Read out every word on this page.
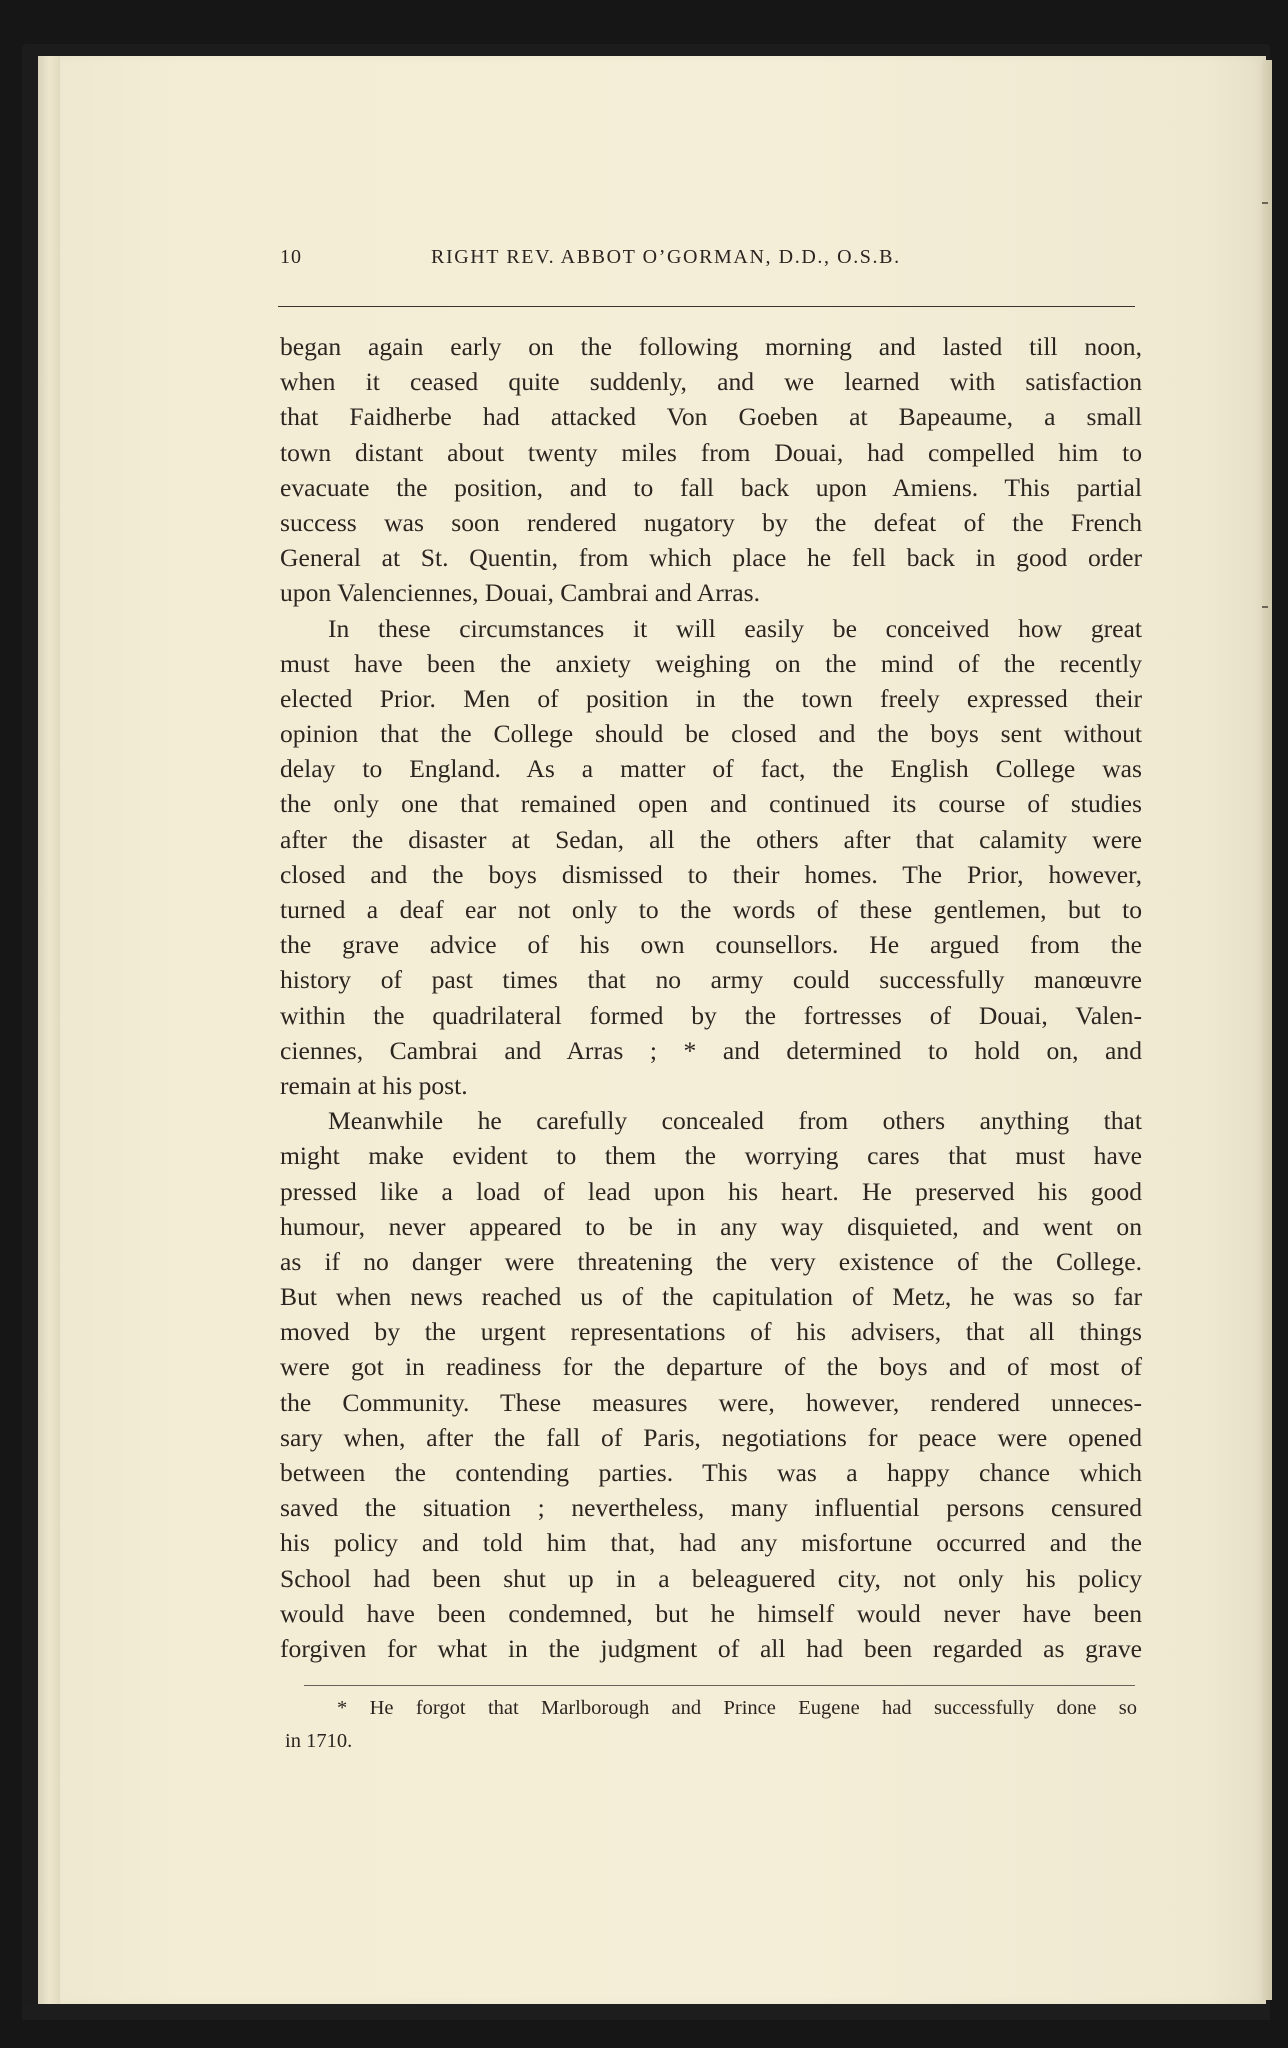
10	RIGHT REV. ABBOT O’GORMAN, D.D., O.S.B.
began again early on the following morning and lasted till noon,
when it ceased quite suddenly, and we learned with satisfaction
that Faidherbe had attacked Von Goeben at Bapeaume, a small
town distant about twenty miles from Douai, had compelled him to
evacuate the position, and to fall back upon Amiens. This partial
success was soon rendered nugatory by the defeat of the French
General at St. Quentin, from which place he fell back in good order
upon Valenciennes, Douai, Cambrai and Arras.
In these circumstances it will easily be conceived how great
must have been the anxiety weighing on the mind of the recently
elected Prior. Men of position in the town freely expressed their
opinion that the College should be closed and the boys sent without
delay to England. As a matter of fact, the English College was
the only one that remained open and continued its course of studies
after the disaster at Sedan, all the others after that calamity were
closed and the boys dismissed to their homes. The Prior, however,
turned a deaf ear not only to the words of these gentlemen, but to
the grave advice of his own counsellors. He argued from the
history of past times that no army could successfully manœuvre
within the quadrilateral formed by the fortresses of Douai, Valen-
ciennes, Cambrai and Arras ; * and determined to hold on, and
remain at his post.
Meanwhile he carefully concealed from others anything that
might make evident to them the worrying cares that must have
pressed like a load of lead upon his heart. He preserved his good
humour, never appeared to be in any way disquieted, and went on
as if no danger were threatening the very existence of the College.
But when news reached us of the capitulation of Metz, he was so far
moved by the urgent representations of his advisers, that all things
were got in readiness for the departure of the boys and of most of
the Community. These measures were, however, rendered unneces-
sary when, after the fall of Paris, negotiations for peace were opened
between the contending parties. This was a happy chance which
saved the situation ; nevertheless, many influential persons censured
his policy and told him that, had any misfortune occurred and the
School had been shut up in a beleaguered city, not only his policy
would have been condemned, but he himself would never have been
forgiven for what in the judgment of all had been regarded as grave
* He forgot that Marlborough and Prince Eugene had successfully done so
in 1710.
